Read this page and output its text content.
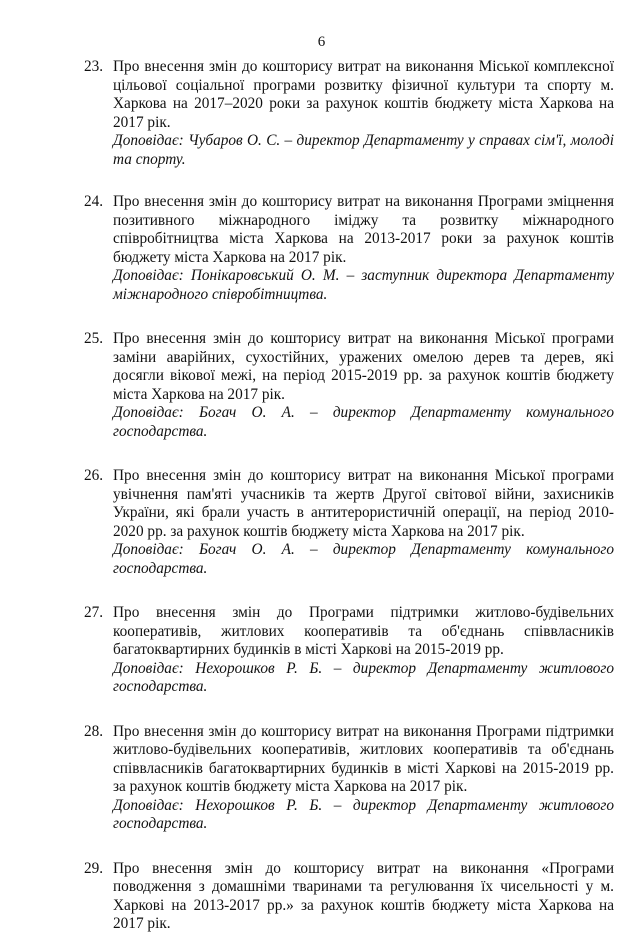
6
23. Про внесення змін до кошторису витрат на виконання Міської комплексної цільової соціальної програми розвитку фізичної культури та спорту м. Харкова на 2017–2020 роки за рахунок коштів бюджету міста Харкова на 2017 рік.
Доповідає: Чубаров О. С. – директор Департаменту у справах сім'ї, молоді та спорту.
24. Про внесення змін до кошторису витрат на виконання Програми зміцнення позитивного міжнародного іміджу та розвитку міжнародного співробітництва міста Харкова на 2013-2017 роки за рахунок коштів бюджету міста Харкова на 2017 рік.
Доповідає: Понікаровський О. М. – заступник директора Департаменту міжнародного співробітництва.
25. Про внесення змін до кошторису витрат на виконання Міської програми заміни аварійних, сухостійних, уражених омелою дерев та дерев, які досягли вікової межі, на період 2015-2019 рр. за рахунок коштів бюджету міста Харкова на 2017 рік.
Доповідає: Богач О. А. – директор Департаменту комунального господарства.
26. Про внесення змін до кошторису витрат на виконання Міської програми увічнення пам'яті учасників та жертв Другої світової війни, захисників України, які брали участь в антитерористичній операції, на період 2010-2020 рр. за рахунок коштів бюджету міста Харкова на 2017 рік.
Доповідає: Богач О. А. – директор Департаменту комунального господарства.
27. Про внесення змін до Програми підтримки житлово-будівельних кооперативів, житлових кооперативів та об'єднань співвласників багатоквартирних будинків в місті Харкові на 2015-2019 рр.
Доповідає: Нехорошков Р. Б. – директор Департаменту житлового господарства.
28. Про внесення змін до кошторису витрат на виконання Програми підтримки житлово-будівельних кооперативів, житлових кооперативів та об'єднань співвласників багатоквартирних будинків в місті Харкові на 2015-2019 рр. за рахунок коштів бюджету міста Харкова на 2017 рік.
Доповідає: Нехорошков Р. Б. – директор Департаменту житлового господарства.
29. Про внесення змін до кошторису витрат на виконання «Програми поводження з домашніми тваринами та регулювання їх чисельності у м. Харкові на 2013-2017 рр.» за рахунок коштів бюджету міста Харкова на 2017 рік.
